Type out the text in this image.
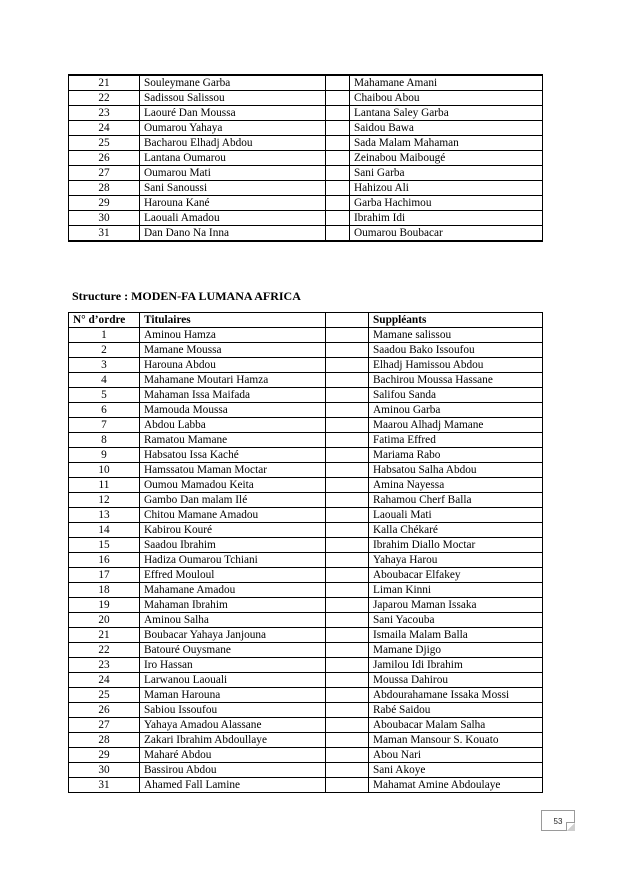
21	Souleymane Garba		Mahamane Amani
22	Sadissou Salissou		Chaibou Abou
23	Laouré Dan Moussa		Lantana Saley Garba
24	Oumarou Yahaya		Saidou Bawa
25	Bacharou Elhadj Abdou		Sada Malam Mahaman
26	Lantana Oumarou		Zeinabou Maibougé
27	Oumarou Mati		Sani Garba
28	Sani Sanoussi		Hahizou Ali
29	Harouna Kané		Garba Hachimou
30	Laouali Amadou		Ibrahim Idi
31	Dan Dano Na Inna		Oumarou Boubacar
Structure : MODEN-FA LUMANA AFRICA
N° d’ordre	Titulaires		Suppléants
1	Aminou Hamza		Mamane salissou
2	Mamane Moussa		Saadou Bako Issoufou
3	Harouna Abdou		Elhadj Hamissou Abdou
4	Mahamane Moutari Hamza		Bachirou Moussa Hassane
5	Mahaman Issa Maifada		Salifou Sanda
6	Mamouda Moussa		Aminou Garba
7	Abdou Labba		Maarou Alhadj Mamane
8	Ramatou Mamane		Fatima Effred
9	Habsatou Issa Kaché		Mariama Rabo
10	Hamssatou Maman Moctar		Habsatou Salha Abdou
11	Oumou Mamadou Keita		Amina Nayessa
12	Gambo Dan malam Ilé		Rahamou Cherf Balla
13	Chitou Mamane Amadou		Laouali Mati
14	Kabirou Kouré		Kalla Chékaré
15	Saadou Ibrahim		Ibrahim Diallo Moctar
16	Hadiza Oumarou Tchiani		Yahaya Harou
17	Effred Mouloul		Aboubacar Elfakey
18	Mahamane Amadou		Liman Kinni
19	Mahaman Ibrahim		Japarou Maman Issaka
20	Aminou Salha		Sani Yacouba
21	Boubacar Yahaya Janjouna		Ismaila Malam Balla
22	Batouré Ouysmane		Mamane Djigo
23	Iro Hassan		Jamilou Idi Ibrahim
24	Larwanou Laouali		Moussa Dahirou
25	Maman Harouna		Abdourahamane Issaka Mossi
26	Sabiou Issoufou		Rabé Saidou
27	Yahaya Amadou Alassane		Aboubacar Malam Salha
28	Zakari Ibrahim Abdoullaye		Maman Mansour S. Kouato
29	Maharé Abdou		Abou Nari
30	Bassirou Abdou		Sani Akoye
31	Ahamed Fall Lamine		Mahamat Amine Abdoulaye
53
